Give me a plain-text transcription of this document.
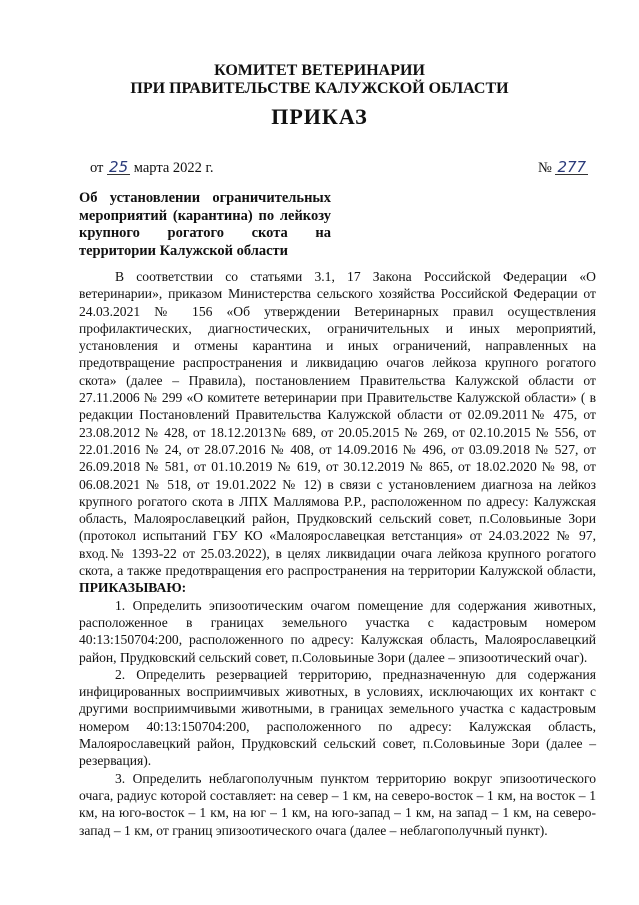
КОМИТЕТ ВЕТЕРИНАРИИ
ПРИ ПРАВИТЕЛЬСТВЕ КАЛУЖСКОЙ ОБЛАСТИ
ПРИКАЗ
от 25 марта 2022 г.	№ 277
Об установлении ограничительных мероприятий (карантина) по лейкозу крупного рогатого скота на территории Калужской области

В соответствии со статьями 3.1, 17 Закона Российской Федерации «О ветеринарии», приказом Министерства сельского хозяйства Российской Федерации от 24.03.2021 № 156 «Об утверждении Ветеринарных правил осуществления профилактических, диагностических, ограничительных и иных мероприятий, установления и отмены карантина и иных ограничений, направленных на предотвращение распространения и ликвидацию очагов лейкоза крупного рогатого скота» (далее – Правила), постановлением Правительства Калужской области от 27.11.2006 № 299 «О комитете ветеринарии при Правительстве Калужской области» ( в редакции Постановлений Правительства Калужской области от 02.09.2011№ 475, от 23.08.2012 № 428, от 18.12.2013№ 689, от 20.05.2015 № 269, от 02.10.2015 № 556, от 22.01.2016 № 24, от 28.07.2016 № 408, от 14.09.2016 № 496, от 03.09.2018 № 527, от 26.09.2018 № 581, от 01.10.2019 № 619, от 30.12.2019 № 865, от 18.02.2020 № 98, от 06.08.2021 № 518, от 19.01.2022 № 12) в связи с установлением диагноза на лейкоз крупного рогатого скота в ЛПХ Маллямова Р.Р., расположенном по адресу: Калужская область, Малоярославецкий район, Прудковский сельский совет, п.Соловьиные Зори (протокол испытаний ГБУ КО «Малоярославецкая ветстанция» от 24.03.2022 № 97, вход.№ 1393-22 от 25.03.2022), в целях ликвидации очага лейкоза крупного рогатого скота, а также предотвращения его распространения на территории Калужской области, ПРИКАЗЫВАЮ:

1. Определить эпизоотическим очагом помещение для содержания животных, расположенное в границах земельного участка с кадастровым номером 40:13:150704:200, расположенного по адресу: Калужская область, Малоярославецкий район, Прудковский сельский совет, п.Соловьиные Зори (далее – эпизоотический очаг).

2. Определить резервацией территорию, предназначенную для содержания инфицированных восприимчивых животных, в условиях, исключающих их контакт с другими восприимчивыми животными, в границах земельного участка с кадастровым номером 40:13:150704:200, расположенного по адресу: Калужская область, Малоярославецкий район, Прудковский сельский совет, п.Соловьиные Зори (далее – резервация).

3. Определить неблагополучным пунктом территорию вокруг эпизоотического очага, радиус которой составляет: на север – 1 км, на северо-восток – 1 км, на восток – 1 км, на юго-восток – 1 км, на юг – 1 км, на юго-запад – 1 км, на запад – 1 км, на северо-запад – 1 км, от границ эпизоотического очага (далее – неблагополучный пункт).
